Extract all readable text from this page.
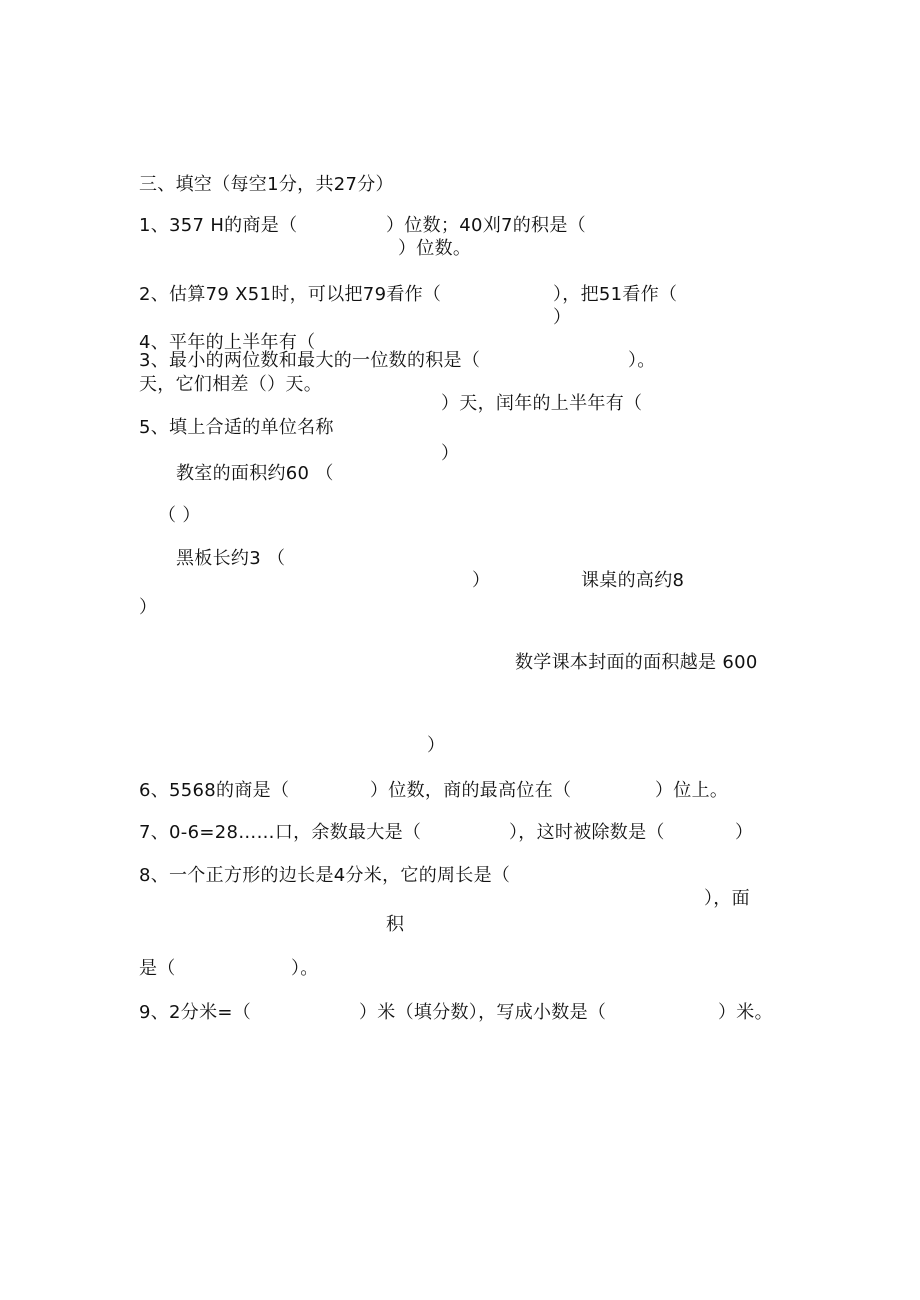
三、填空（每空1分，共27分）
1、357 H的商是（	）位数；40刈7的积是（
）位数。
2、估算79 X51时，可以把79看作（	），把51看作（
）
4、平年的上半年有（
3、最小的两位数和最大的一位数的积是（	）。
天，它们相差（）天。
）天，闰年的上半年有（
5、填上合适的单位名称
）
教室的面积约60 （
（ ）
黑板长约3 （
）	课桌的高约8
）
数学课本封面的面积越是 600
）
6、5568的商是（	）位数，商的最高位在（	）位上。
7、0-6=28……口，余数最大是（	），这时被除数是（	）
8、一个正方形的边长是4分米，它的周长是（
），面
积
是（	）。
9、2分米=（	）米（填分数），写成小数是（	）米。
